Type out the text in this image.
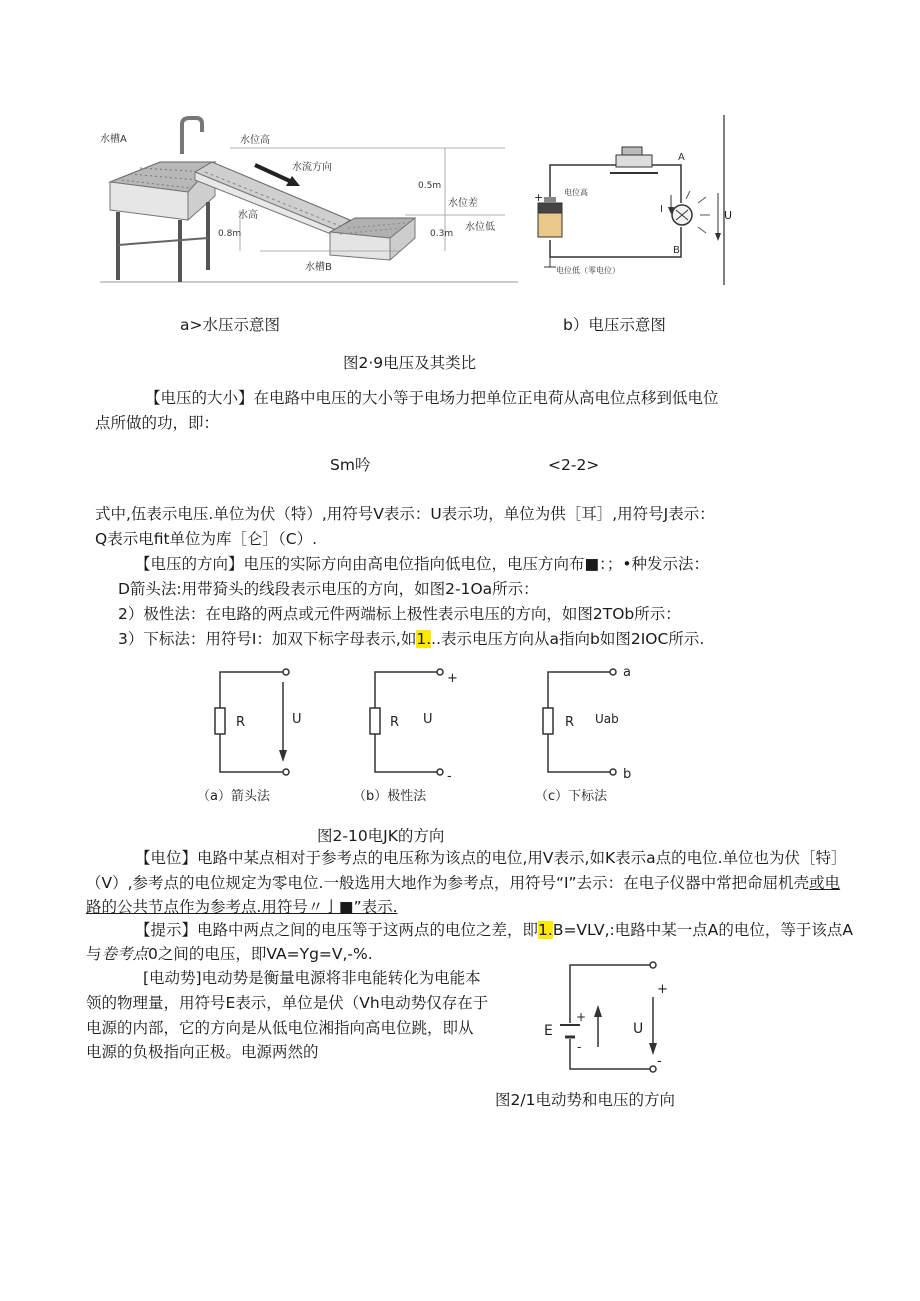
水槽A	水位高
水流方向
0.5m
水高
水位差
0.8m	0.3m
水位低
水槽B
+	电位高
A
I	U
B
电位低（零电位）
a>水压示意图	b）电压示意图
图2·9电压及其类比
【电压的大小】在电路中电压的大小等于电场力把单位正电荷从高电位点移到低电位
点所做的功，即：
Sm吟	<2-2>
式中,伍表示电压.单位为伏（特）,用符号V表示：U表示功，单位为供［耳］,用符号J表示：
Q表示电fit单位为库［仑］（C）.
【电压的方向】电压的实际方向由高电位指向低电位，电压方向布■：；•种发示法：
D箭头法:用带猗头的线段表示电压的方向，如图2-1Oa所示：
2）极性法：在电路的两点或元件两端标上极性表示电压的方向，如图2TOb所示：
3）下标法：用符号I：加双下标字母表示,如1...表示电压方向从a指向b如图2IOC所示.
R	U	R U
+
-
R Uab
a
b
（a）箭头法	（b）极性法	（c）下标法
图2-10电JK的方向
【电位】电路中某点相对于参考点的电压称为该点的电位,用V表示,如K表示a点的电位.单位也为伏［特］
（V）,参考点的电位规定为零电位.一般选用大地作为参考点，用符号“I”去示：在电子仪器中常把命屈机壳或电
路的公共节点作为参考点.用符号〃亅■”表示.
【提示】电路中两点之间的电压等于这两点的电位之差，即1.B=VLV,:电路中某一点A的电位，等于该点A
与卷考点0之间的电压，即VA=Yg=V,-%.
[电动势]电动势是衡量电源将非电能转化为电能本
领的物理量，用符号E表示，单位是伏（Vh电动势仅存在于
电源的内部，它的方向是从低电位湘指向高电位跳，即从
电源的负极指向正极。电源两然的
E
+
-
U
+
-
图2/1电动势和电压的方向
